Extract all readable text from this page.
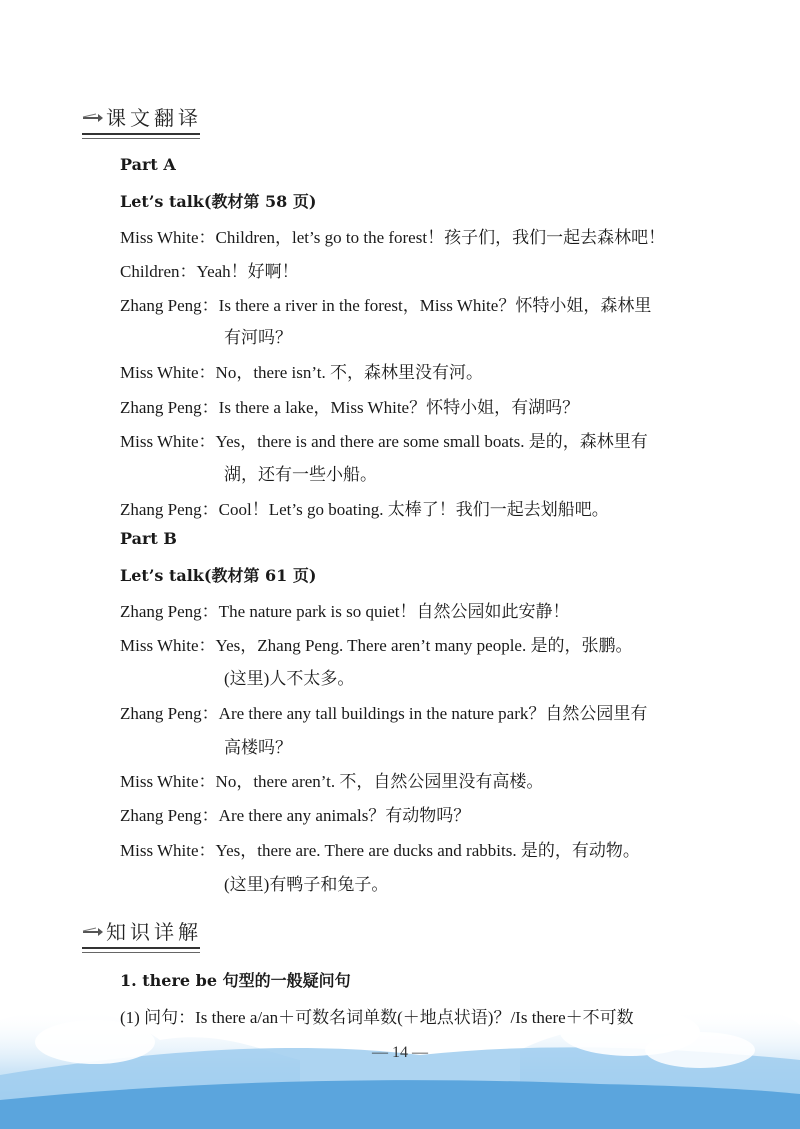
课文翻译
Part A
Let’s talk(教材第 58 页)
Miss White：Children，let’s go to the forest！孩子们，我们一起去森林吧！
Children：Yeah！好啊！
Zhang Peng：Is there a river in the forest，Miss White？怀特小姐，森林里
有河吗？
Miss White：No，there isn’t. 不，森林里没有河。
Zhang Peng：Is there a lake，Miss White？怀特小姐，有湖吗？
Miss White：Yes，there is and there are some small boats. 是的，森林里有
湖，还有一些小船。
Zhang Peng：Cool！Let’s go boating. 太棒了！我们一起去划船吧。
Part B
Let’s talk(教材第 61 页)
Zhang Peng：The nature park is so quiet！自然公园如此安静！
Miss White：Yes，Zhang Peng. There aren’t many people. 是的，张鹏。
(这里)人不太多。
Zhang Peng：Are there any tall buildings in the nature park？自然公园里有
高楼吗？
Miss White：No，there aren’t. 不，自然公园里没有高楼。
Zhang Peng：Are there any animals？有动物吗？
Miss White：Yes，there are. There are ducks and rabbits. 是的，有动物。
(这里)有鸭子和兔子。
知识详解
1. there be 句型的一般疑问句
(1) 问句：Is there a/an＋可数名词单数(＋地点状语)？/Is there＋不可数
— 14 —
